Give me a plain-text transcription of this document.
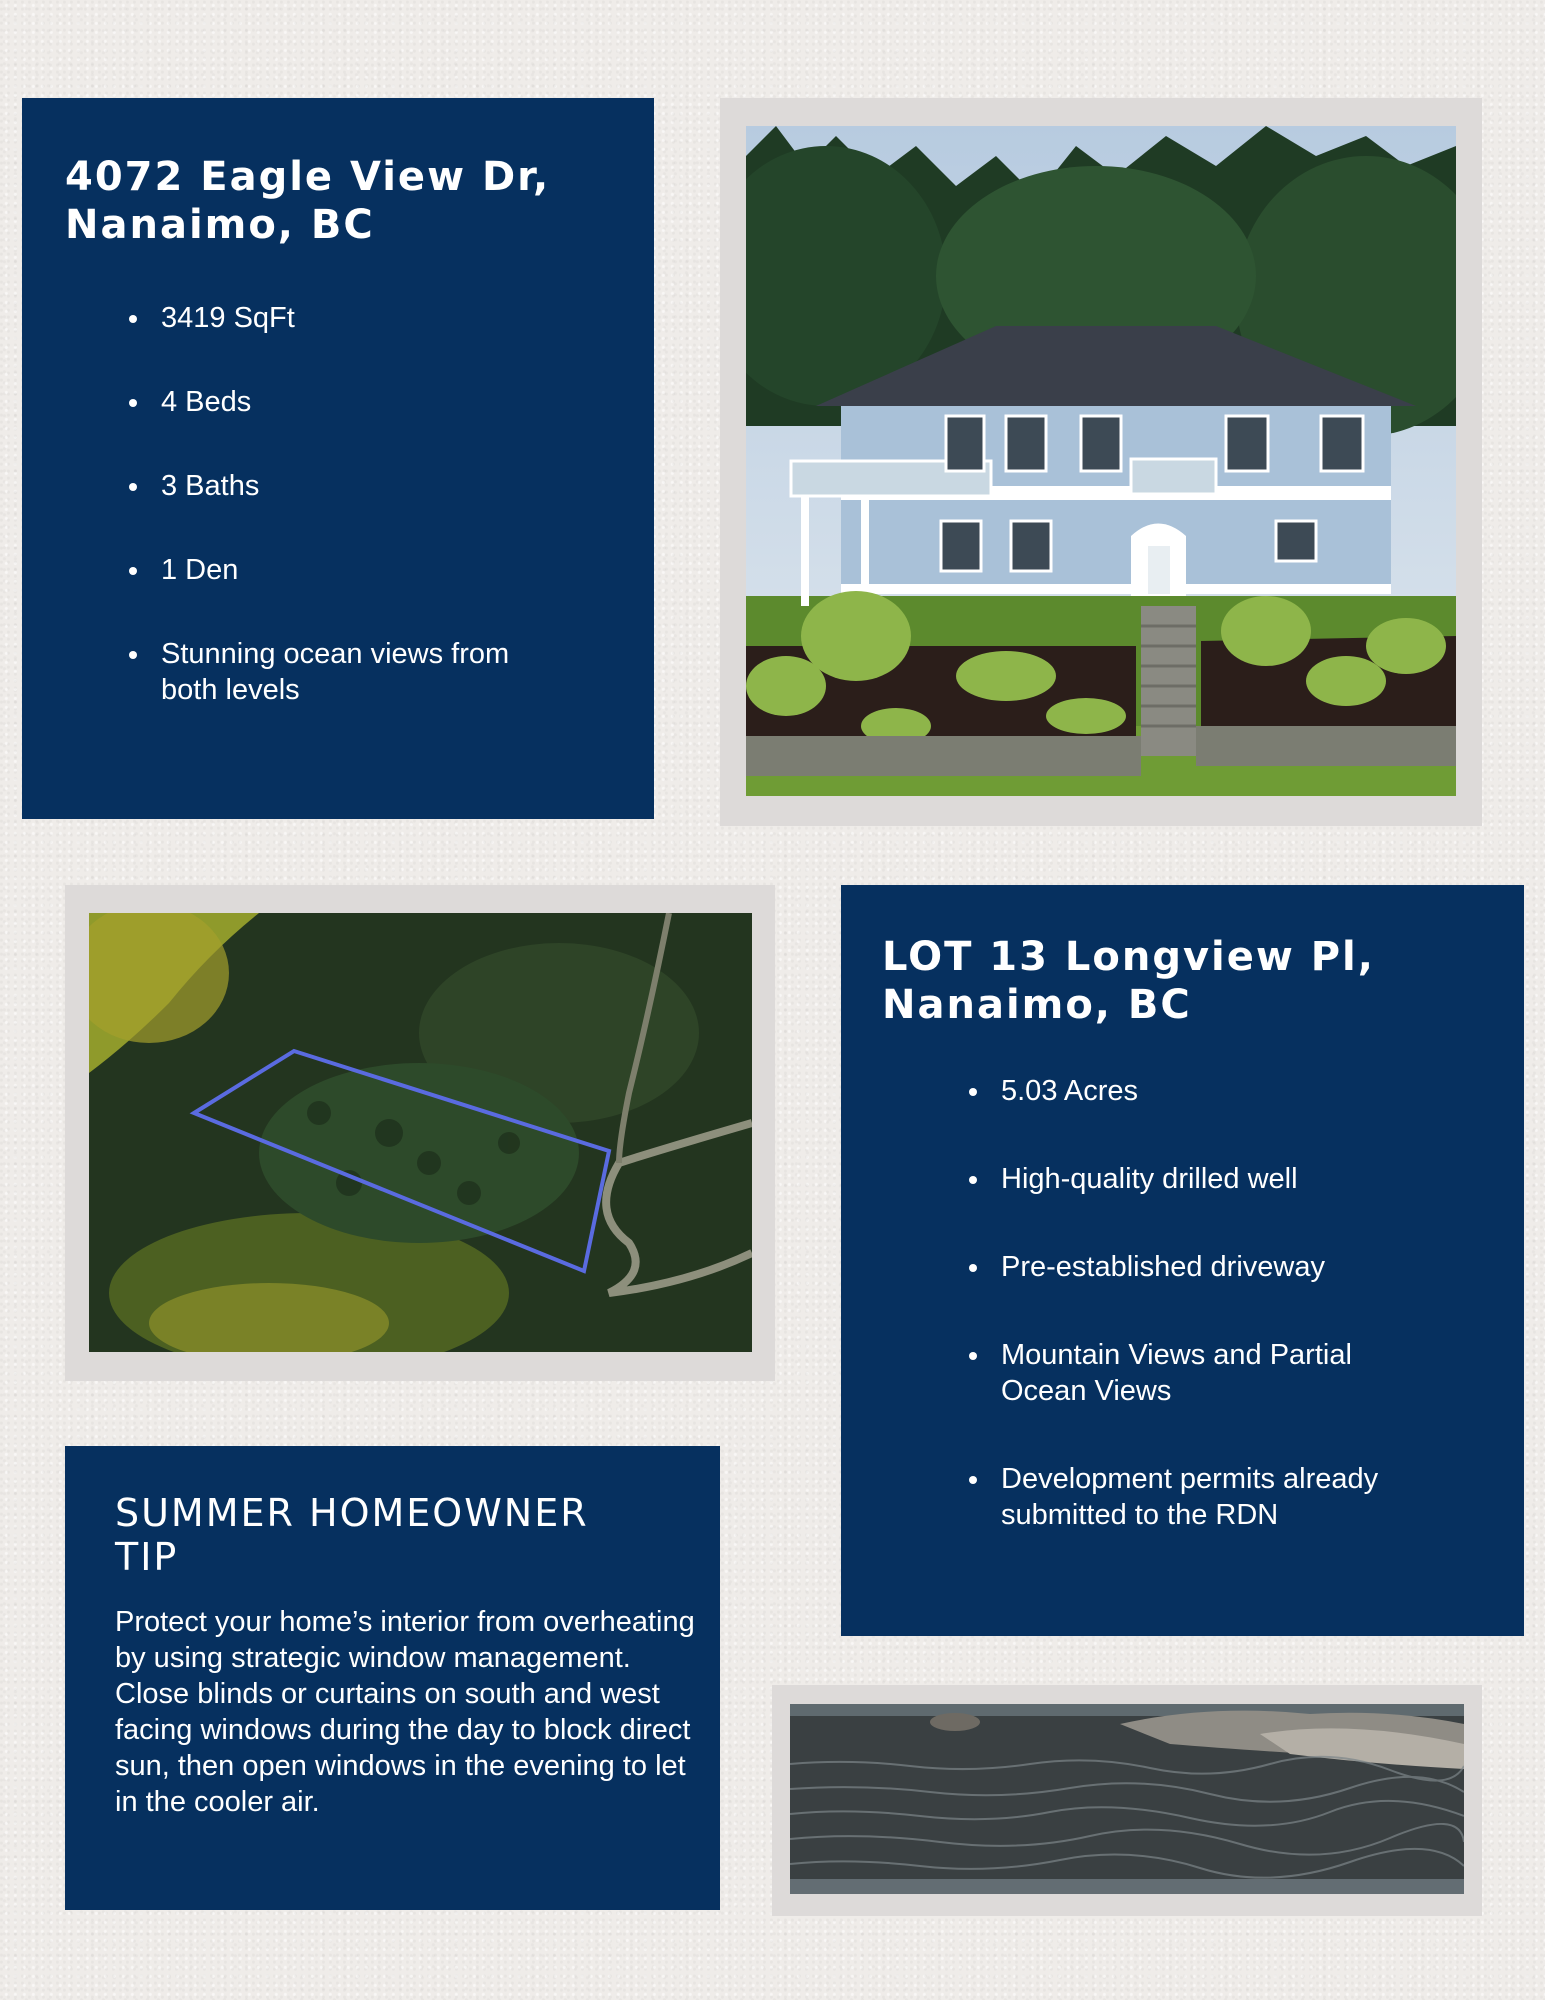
4072 Eagle View Dr,
Nanaimo, BC
3419 SqFt
4 Beds
3 Baths
1 Den
Stunning ocean views from both levels
LOT 13 Longview Pl,
Nanaimo, BC
5.03 Acres
High-quality drilled well
Pre-established driveway
Mountain Views and Partial Ocean Views
Development permits already submitted to the RDN
SUMMER HOMEOWNER TIP

Protect your home’s interior from overheating by using strategic window management. Close blinds or curtains on south and west facing windows during the day to block direct sun, then open windows in the evening to let in the cooler air.
